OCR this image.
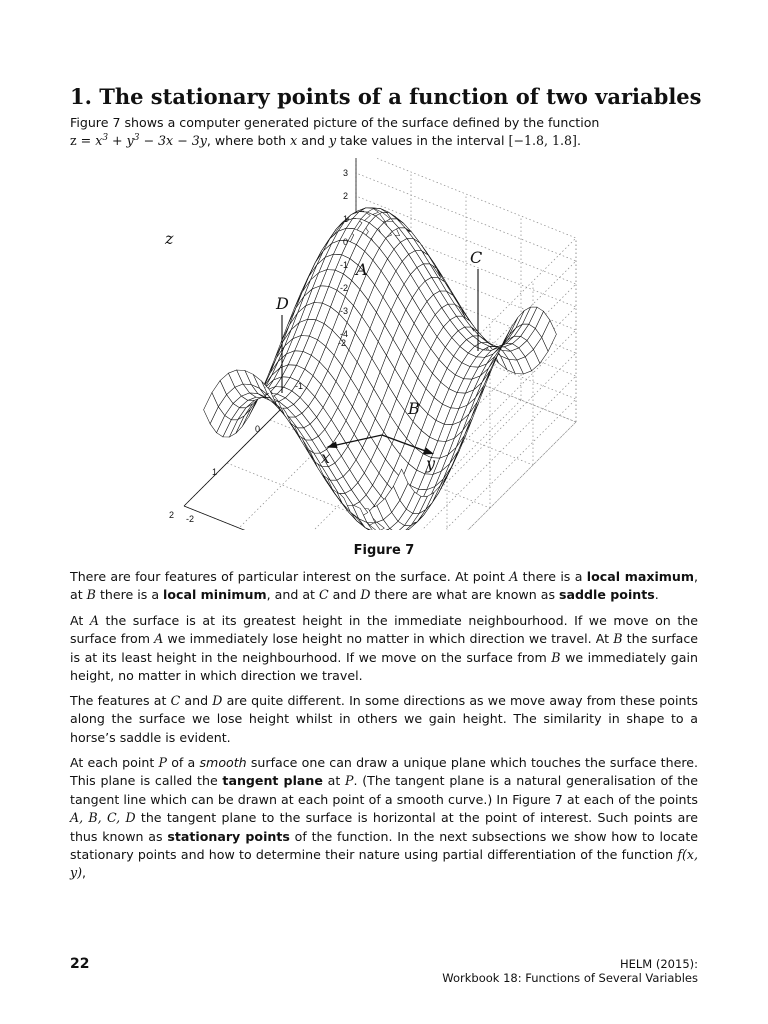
1. The stationary points of a function of two variables

Figure 7 shows a computer generated picture of the surface defined by the function
$z = x^3 + y^3 - 3x - 3y$, where both x and y take values in the interval [−1.8, 1.8].

3
2
1
0
-1
-2
-3
-4
2
1
0
-1
-2
-2
x	y
z
C
D
A
B

Figure 7

There are four features of particular interest on the surface. At point A there is a local maximum, at B there is a local minimum, and at C and D there are what are known as saddle points.

At A the surface is at its greatest height in the immediate neighbourhood. If we move on the surface from A we immediately lose height no matter in which direction we travel. At B the surface is at its least height in the neighbourhood. If we move on the surface from B we immediately gain height, no matter in which direction we travel.

The features at C and D are quite different. In some directions as we move away from these points along the surface we lose height whilst in others we gain height. The similarity in shape to a horse’s saddle is evident.

At each point P of a smooth surface one can draw a unique plane which touches the surface there. This plane is called the tangent plane at P. (The tangent plane is a natural generalisation of the tangent line which can be drawn at each point of a smooth curve.) In Figure 7 at each of the points A, B, C, D the tangent plane to the surface is horizontal at the point of interest. Such points are thus known as stationary points of the function. In the next subsections we show how to locate stationary points and how to determine their nature using partial differentiation of the function f(x, y),

22	HELM (2015):
Workbook 18: Functions of Several Variables
